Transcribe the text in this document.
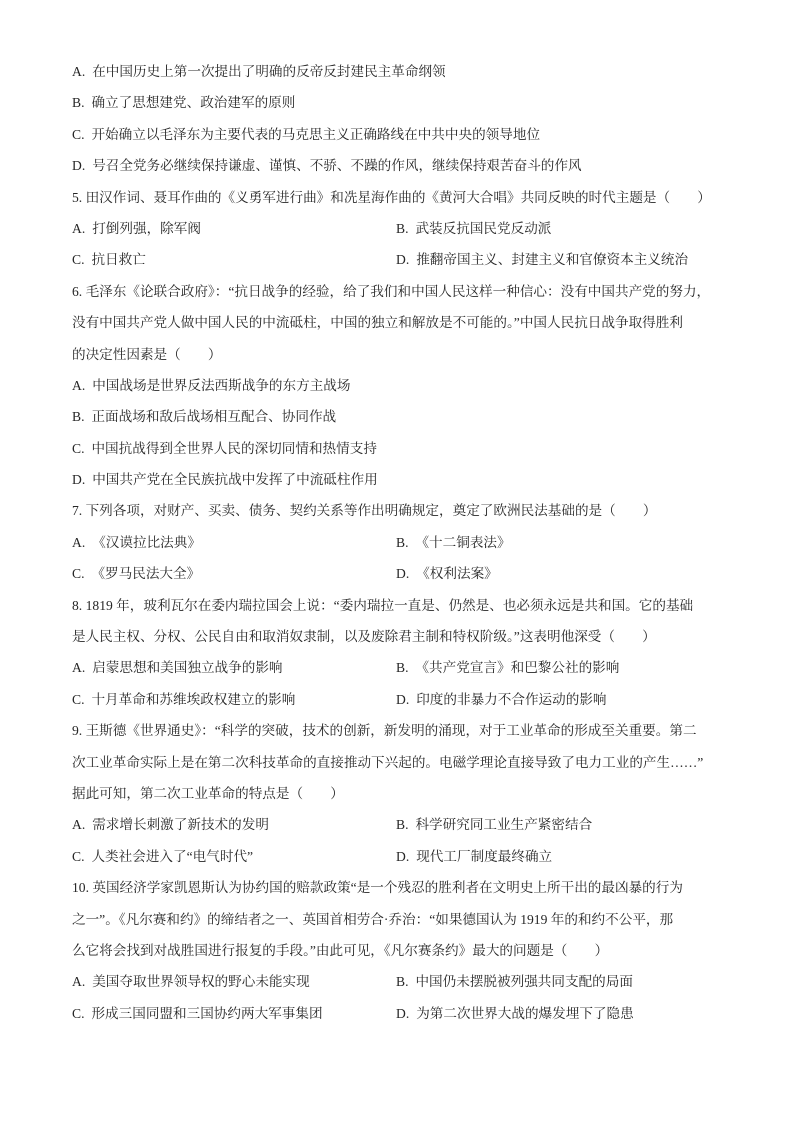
A. 在中国历史上第一次提出了明确的反帝反封建民主革命纲领
B. 确立了思想建党、政治建军的原则
C. 开始确立以毛泽东为主要代表的马克思主义正确路线在中共中央的领导地位
D. 号召全党务必继续保持谦虚、谨慎、不骄、不躁的作风，继续保持艰苦奋斗的作风
5. 田汉作词、聂耳作曲的《义勇军进行曲》和冼星海作曲的《黄河大合唱》共同反映的时代主题是（　　）
A. 打倒列强，除军阀	B. 武装反抗国民党反动派
C. 抗日救亡	D. 推翻帝国主义、封建主义和官僚资本主义统治
6. 毛泽东《论联合政府》：“抗日战争的经验，给了我们和中国人民这样一种信心：没有中国共产党的努力，
没有中国共产党人做中国人民的中流砥柱，中国的独立和解放是不可能的。”中国人民抗日战争取得胜利
的决定性因素是（　　）
A. 中国战场是世界反法西斯战争的东方主战场
B. 正面战场和敌后战场相互配合、协同作战
C. 中国抗战得到全世界人民的深切同情和热情支持
D. 中国共产党在全民族抗战中发挥了中流砥柱作用
7. 下列各项，对财产、买卖、债务、契约关系等作出明确规定，奠定了欧洲民法基础的是（　　）
A. 《汉谟拉比法典》	B. 《十二铜表法》
C. 《罗马民法大全》	D. 《权利法案》
8. 1819 年，玻利瓦尔在委内瑞拉国会上说：“委内瑞拉一直是、仍然是、也必须永远是共和国。它的基础
是人民主权、分权、公民自由和取消奴隶制，以及废除君主制和特权阶级。”这表明他深受（　　）
A. 启蒙思想和美国独立战争的影响	B. 《共产党宣言》和巴黎公社的影响
C. 十月革命和苏维埃政权建立的影响	D. 印度的非暴力不合作运动的影响
9. 王斯德《世界通史》：“科学的突破，技术的创新，新发明的涌现，对于工业革命的形成至关重要。第二
次工业革命实际上是在第二次科技革命的直接推动下兴起的。电磁学理论直接导致了电力工业的产生……”
据此可知，第二次工业革命的特点是（　　）
A. 需求增长刺激了新技术的发明	B. 科学研究同工业生产紧密结合
C. 人类社会进入了“电气时代”	D. 现代工厂制度最终确立
10. 英国经济学家凯恩斯认为协约国的赔款政策“是一个残忍的胜利者在文明史上所干出的最凶暴的行为
之一”。《凡尔赛和约》的缔结者之一、英国首相劳合·乔治：“如果德国认为 1919 年的和约不公平，那
么它将会找到对战胜国进行报复的手段。”由此可见，《凡尔赛条约》最大的问题是（　　）
A. 美国夺取世界领导权的野心未能实现	B. 中国仍未摆脱被列强共同支配的局面
C. 形成三国同盟和三国协约两大军事集团	D. 为第二次世界大战的爆发埋下了隐患
